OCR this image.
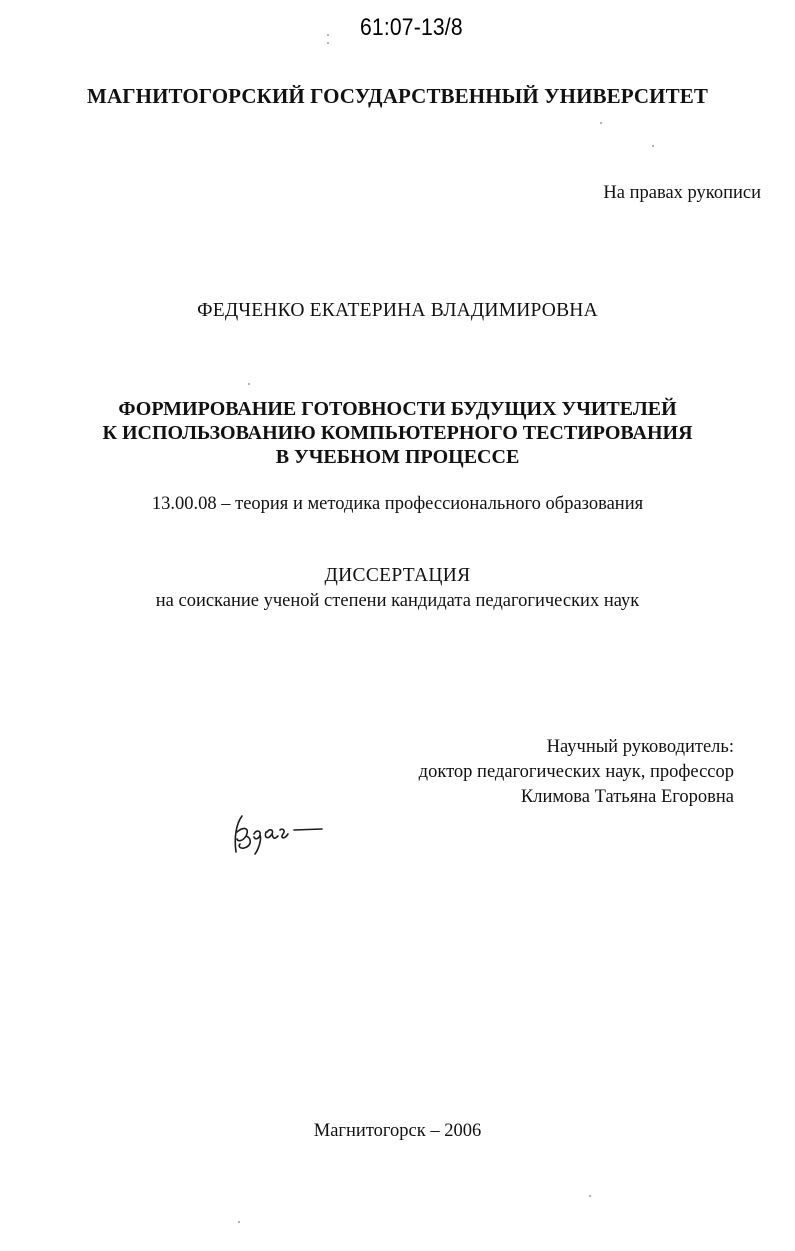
61:07-13/8
МАГНИТОГОРСКИЙ ГОСУДАРСТВЕННЫЙ УНИВЕРСИТЕТ
На правах рукописи
ФЕДЧЕНКО ЕКАТЕРИНА ВЛАДИМИРОВНА
ФОРМИРОВАНИЕ ГОТОВНОСТИ БУДУЩИХ УЧИТЕЛЕЙ
К ИСПОЛЬЗОВАНИЮ КОМПЬЮТЕРНОГО ТЕСТИРОВАНИЯ
В УЧЕБНОМ ПРОЦЕССЕ
13.00.08 – теория и методика профессионального образования
ДИССЕРТАЦИЯ
на соискание ученой степени кандидата педагогических наук
Научный руководитель:
доктор педагогических наук, профессор
Климова Татьяна Егоровна
Магнитогорск – 2006
